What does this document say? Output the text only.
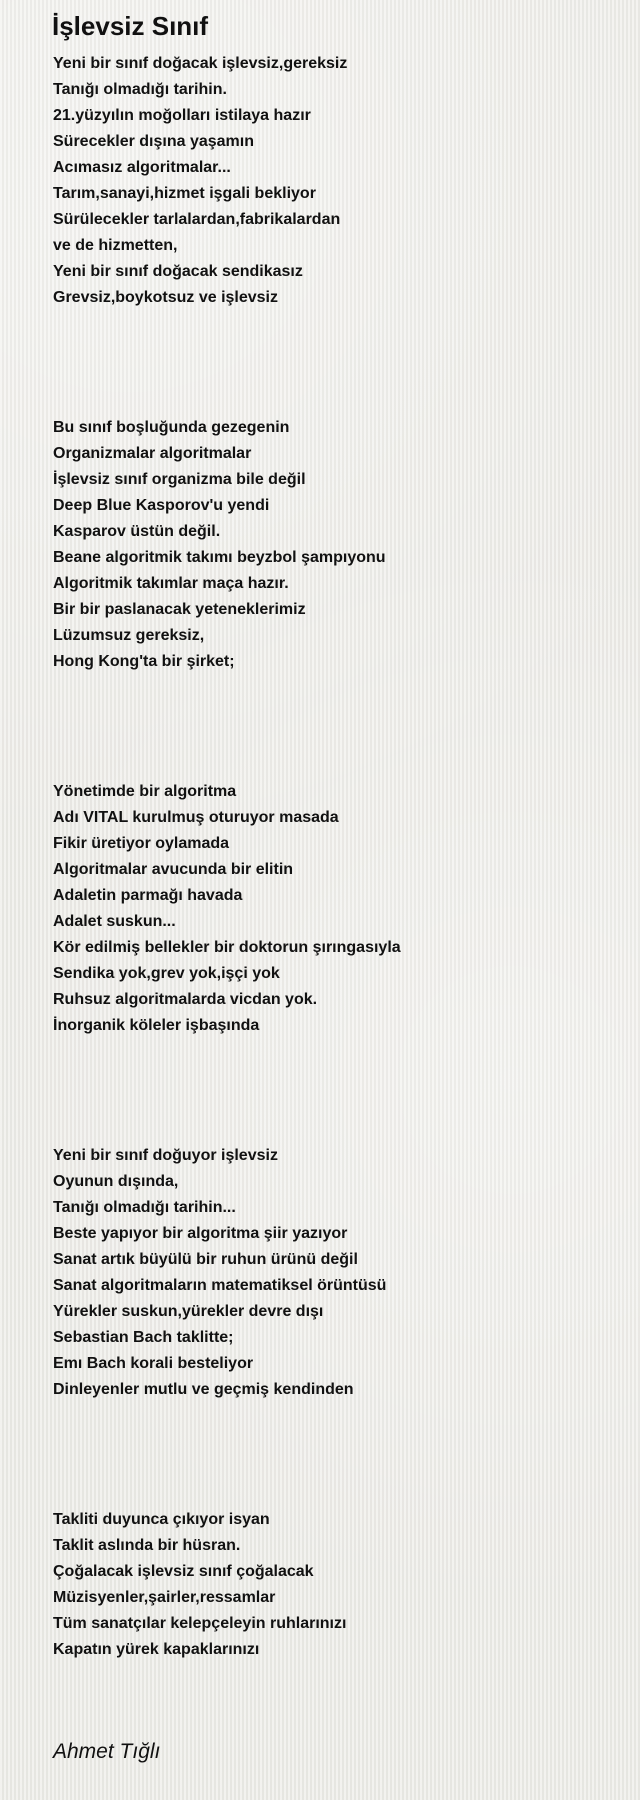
İşlevsiz Sınıf
Yeni bir sınıf doğacak işlevsiz,gereksiz
Tanığı olmadığı tarihin.
21.yüzyılın moğolları istilaya hazır
Sürecekler dışına yaşamın
Acımasız algoritmalar...
Tarım,sanayi,hizmet işgali bekliyor
Sürülecekler tarlalardan,fabrikalardan
ve de hizmetten,
Yeni bir sınıf doğacak sendikasız
Grevsiz,boykotsuz ve işlevsiz
Bu sınıf boşluğunda gezegenin
Organizmalar algoritmalar
İşlevsiz sınıf organizma bile değil
Deep Blue Kasporov'u yendi
Kasparov üstün değil.
Beane algoritmik takımı beyzbol şampıyonu
Algoritmik takımlar maça hazır.
Bir bir paslanacak yeteneklerimiz
Lüzumsuz gereksiz,
Hong Kong'ta bir şirket;
Yönetimde bir algoritma
Adı VITAL kurulmuş oturuyor masada
Fikir üretiyor oylamada
Algoritmalar avucunda bir elitin
Adaletin parmağı havada
Adalet suskun...
Kör edilmiş bellekler bir doktorun şırıngasıyla
Sendika yok,grev yok,işçi yok
Ruhsuz algoritmalarda vicdan yok.
İnorganik köleler işbaşında
Yeni bir sınıf doğuyor işlevsiz
Oyunun dışında,
Tanığı olmadığı tarihin...
Beste yapıyor bir algoritma şiir yazıyor
Sanat artık büyülü bir ruhun ürünü değil
Sanat algoritmaların matematiksel örüntüsü
Yürekler suskun,yürekler devre dışı
Sebastian Bach taklitte;
Emı Bach korali besteliyor
Dinleyenler mutlu ve geçmiş kendinden
Takliti duyunca çıkıyor isyan
Taklit aslında bir hüsran.
Çoğalacak işlevsiz sınıf çoğalacak
Müzisyenler,şairler,ressamlar
Tüm sanatçılar kelepçeleyin ruhlarınızı
Kapatın yürek kapaklarınızı
Ahmet Tığlı
